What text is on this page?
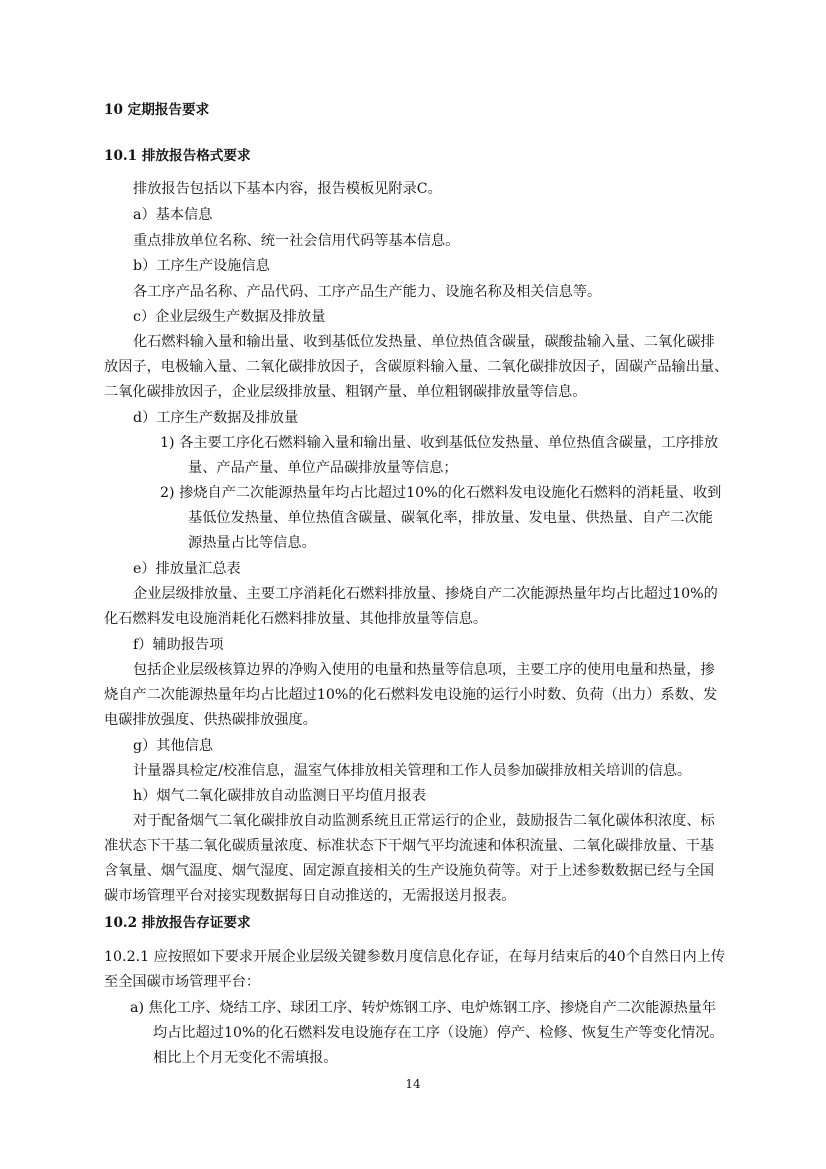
10 定期报告要求
10.1 排放报告格式要求
排放报告包括以下基本内容，报告模板见附录C。
a）基本信息
重点排放单位名称、统一社会信用代码等基本信息。
b）工序生产设施信息
各工序产品名称、产品代码、工序产品生产能力、设施名称及相关信息等。
c）企业层级生产数据及排放量
化石燃料输入量和输出量、收到基低位发热量、单位热值含碳量，碳酸盐输入量、二氧化碳排
放因子，电极输入量、二氧化碳排放因子，含碳原料输入量、二氧化碳排放因子，固碳产品输出量、
二氧化碳排放因子，企业层级排放量、粗钢产量、单位粗钢碳排放量等信息。
d）工序生产数据及排放量
1) 各主要工序化石燃料输入量和输出量、收到基低位发热量、单位热值含碳量，工序排放
量、产品产量、单位产品碳排放量等信息；
2) 掺烧自产二次能源热量年均占比超过10%的化石燃料发电设施化石燃料的消耗量、收到
基低位发热量、单位热值含碳量、碳氧化率，排放量、发电量、供热量、自产二次能
源热量占比等信息。
e）排放量汇总表
企业层级排放量、主要工序消耗化石燃料排放量、掺烧自产二次能源热量年均占比超过10%的
化石燃料发电设施消耗化石燃料排放量、其他排放量等信息。
f）辅助报告项
包括企业层级核算边界的净购入使用的电量和热量等信息项，主要工序的使用电量和热量，掺
烧自产二次能源热量年均占比超过10%的化石燃料发电设施的运行小时数、负荷（出力）系数、发
电碳排放强度、供热碳排放强度。
g）其他信息
计量器具检定/校准信息，温室气体排放相关管理和工作人员参加碳排放相关培训的信息。
h）烟气二氧化碳排放自动监测日平均值月报表
对于配备烟气二氧化碳排放自动监测系统且正常运行的企业，鼓励报告二氧化碳体积浓度、标
准状态下干基二氧化碳质量浓度、标准状态下干烟气平均流速和体积流量、二氧化碳排放量、干基
含氧量、烟气温度、烟气湿度、固定源直接相关的生产设施负荷等。对于上述参数数据已经与全国
碳市场管理平台对接实现数据每日自动推送的，无需报送月报表。
10.2 排放报告存证要求
10.2.1 应按照如下要求开展企业层级关键参数月度信息化存证，在每月结束后的40个自然日内上传
至全国碳市场管理平台：
a) 焦化工序、烧结工序、球团工序、转炉炼钢工序、电炉炼钢工序、掺烧自产二次能源热量年
均占比超过10%的化石燃料发电设施存在工序（设施）停产、检修、恢复生产等变化情况。
相比上个月无变化不需填报。
14
